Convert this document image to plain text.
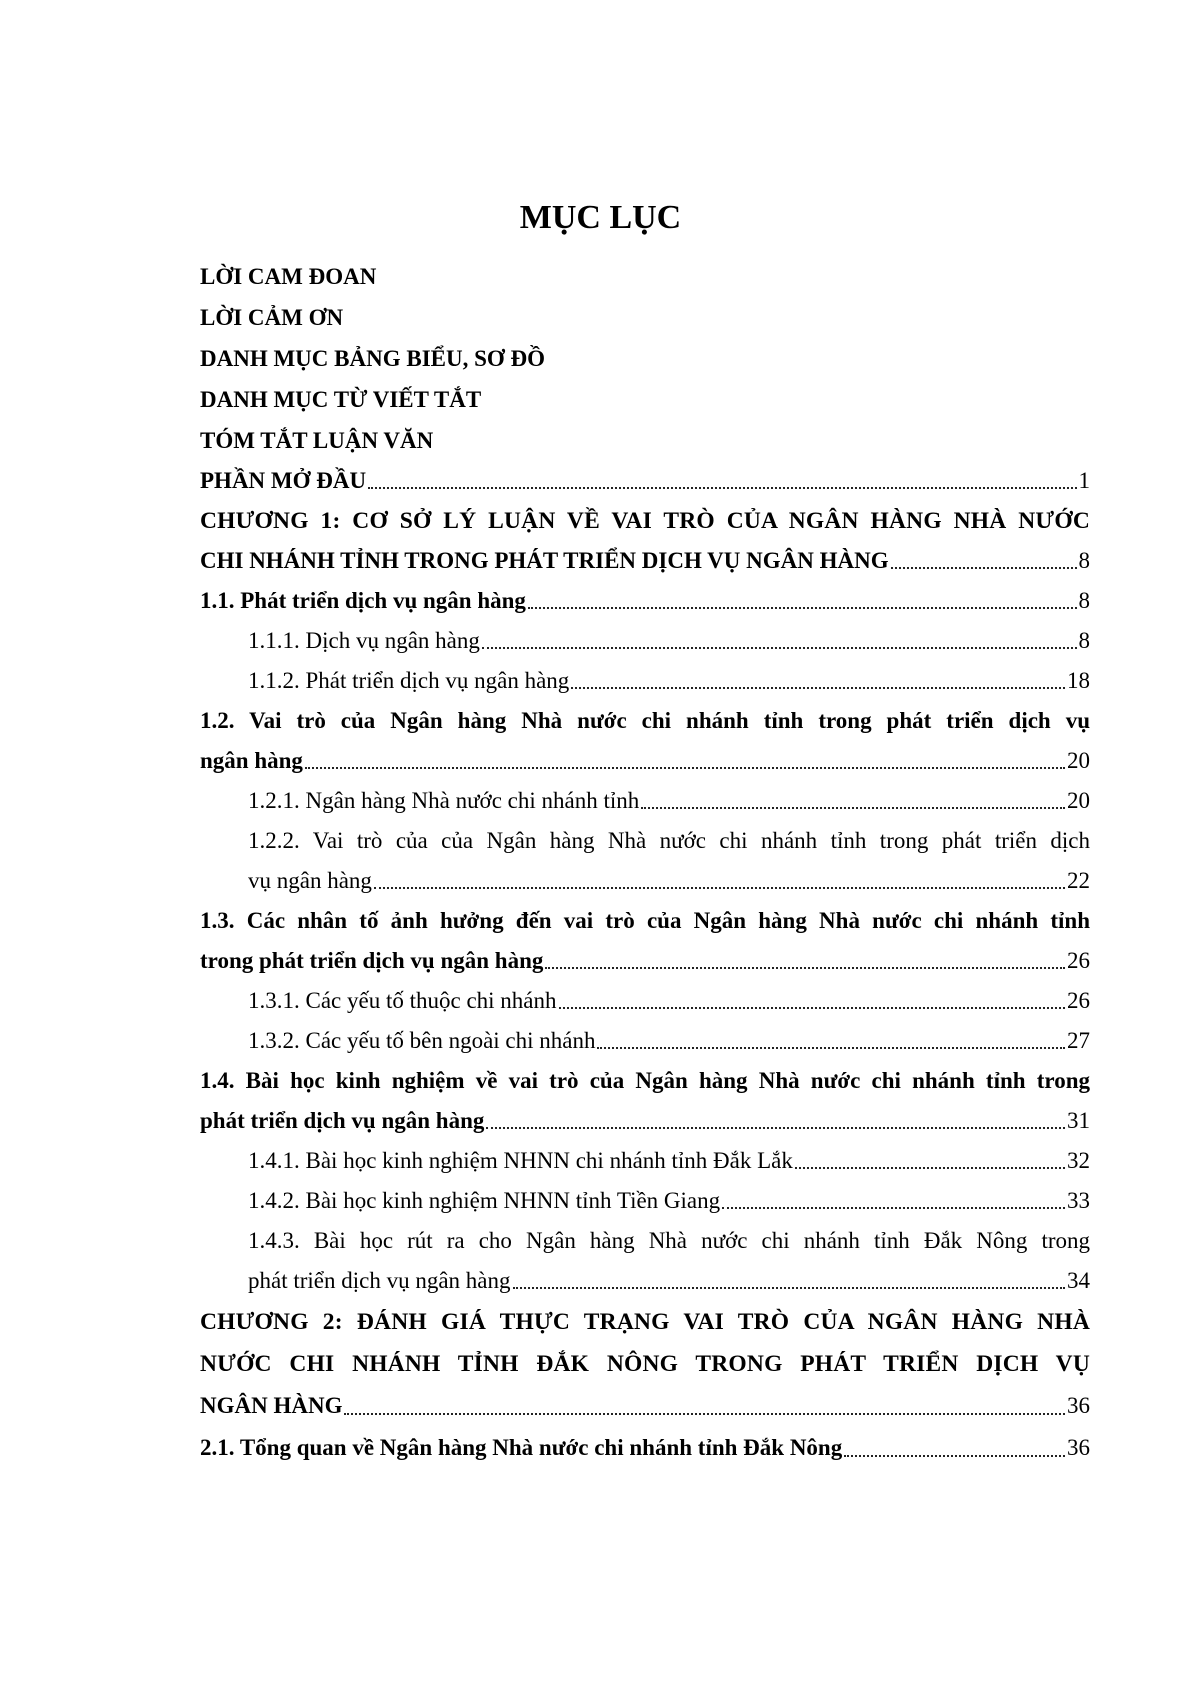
MỤC LỤC
LỜI CAM ĐOAN
LỜI CẢM ƠN
DANH MỤC BẢNG BIỂU, SƠ ĐỒ
DANH MỤC TỪ VIẾT TẮT
TÓM TẮT LUẬN VĂN
PHẦN MỞ ĐẦU	1
CHƯƠNG 1: CƠ SỞ LÝ LUẬN VỀ VAI TRÒ CỦA NGÂN HÀNG NHÀ NƯỚC
CHI NHÁNH TỈNH TRONG PHÁT TRIỂN DỊCH VỤ NGÂN HÀNG	8
1.1. Phát triển dịch vụ ngân hàng	8
1.1.1. Dịch vụ ngân hàng	8
1.1.2. Phát triển dịch vụ ngân hàng	18
1.2. Vai trò của Ngân hàng Nhà nước chi nhánh tỉnh trong phát triển dịch vụ
ngân hàng	20
1.2.1. Ngân hàng Nhà nước chi nhánh tỉnh	20
1.2.2. Vai trò của của Ngân hàng Nhà nước chi nhánh tỉnh trong phát triển dịch
vụ ngân hàng	22
1.3. Các nhân tố ảnh hưởng đến vai trò của Ngân hàng Nhà nước chi nhánh tỉnh
trong phát triển dịch vụ ngân hàng	26
1.3.1. Các yếu tố thuộc chi nhánh	26
1.3.2. Các yếu tố bên ngoài chi nhánh	27
1.4. Bài học kinh nghiệm về vai trò của Ngân hàng Nhà nước chi nhánh tỉnh trong
phát triển dịch vụ ngân hàng	31
1.4.1. Bài học kinh nghiệm NHNN chi nhánh tỉnh Đắk Lắk	32
1.4.2. Bài học kinh nghiệm NHNN tỉnh Tiền Giang	33
1.4.3. Bài học rút ra cho Ngân hàng Nhà nước chi nhánh tỉnh Đắk Nông trong
phát triển dịch vụ ngân hàng	34
CHƯƠNG 2: ĐÁNH GIÁ THỰC TRẠNG VAI TRÒ CỦA NGÂN HÀNG NHÀ
NƯỚC CHI NHÁNH TỈNH ĐẮK NÔNG TRONG PHÁT TRIỂN DỊCH VỤ
NGÂN HÀNG	36
2.1. Tổng quan về Ngân hàng Nhà nước chi nhánh tỉnh Đắk Nông	36
